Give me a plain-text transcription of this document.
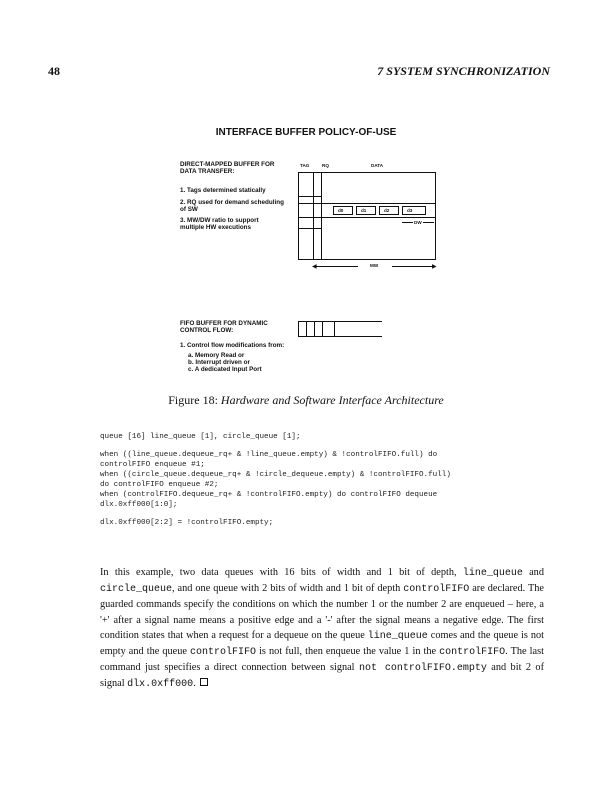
48	7 SYSTEM SYNCHRONIZATION
INTERFACE BUFFER POLICY-OF-USE
DIRECT-MAPPED BUFFER FOR
DATA TRANSFER:
TAG	RQ	DATA
1. Tags determined statically
2. RQ used for demand scheduling
of SW
3. MW/DW ratio to support
multiple HW executions
d0	d1	d2	d3
DW
MW
◀	▶
FIFO BUFFER FOR DYNAMIC
CONTROL FLOW:
1. Control flow modifications from:
a. Memory Read or
b. Interrupt driven or
c. A dedicated Input Port
Figure 18: Hardware and Software Interface Architecture
queue [16] line_queue [1], circle_queue [1];
when ((line_queue.dequeue_rq+ & !line_queue.empty) & !controlFIFO.full) do
controlFIFO enqueue #1;
when ((circle_queue.dequeue_rq+ & !circle_dequeue.empty) & !controlFIFO.full)
do controlFIFO enqueue #2;
when (controlFIFO.dequeue_rq+ & !controlFIFO.empty) do controlFIFO dequeue
dlx.0xff000[1:0];
dlx.0xff000[2:2] = !controlFIFO.empty;
In this example, two data queues with 16 bits of width and 1 bit of depth, line_queue and circle_queue, and one queue with 2 bits of width and 1 bit of depth controlFIFO are declared. The guarded commands specify the conditions on which the number 1 or the number 2 are enqueued – here, a '+' after a signal name means a positive edge and a '-' after the signal means a negative edge. The first condition states that when a request for a dequeue on the queue line_queue comes and the queue is not empty and the queue controlFIFO is not full, then enqueue the value 1 in the controlFIFO. The last command just specifies a direct connection between signal not controlFIFO.empty and bit 2 of signal dlx.0xff000.
